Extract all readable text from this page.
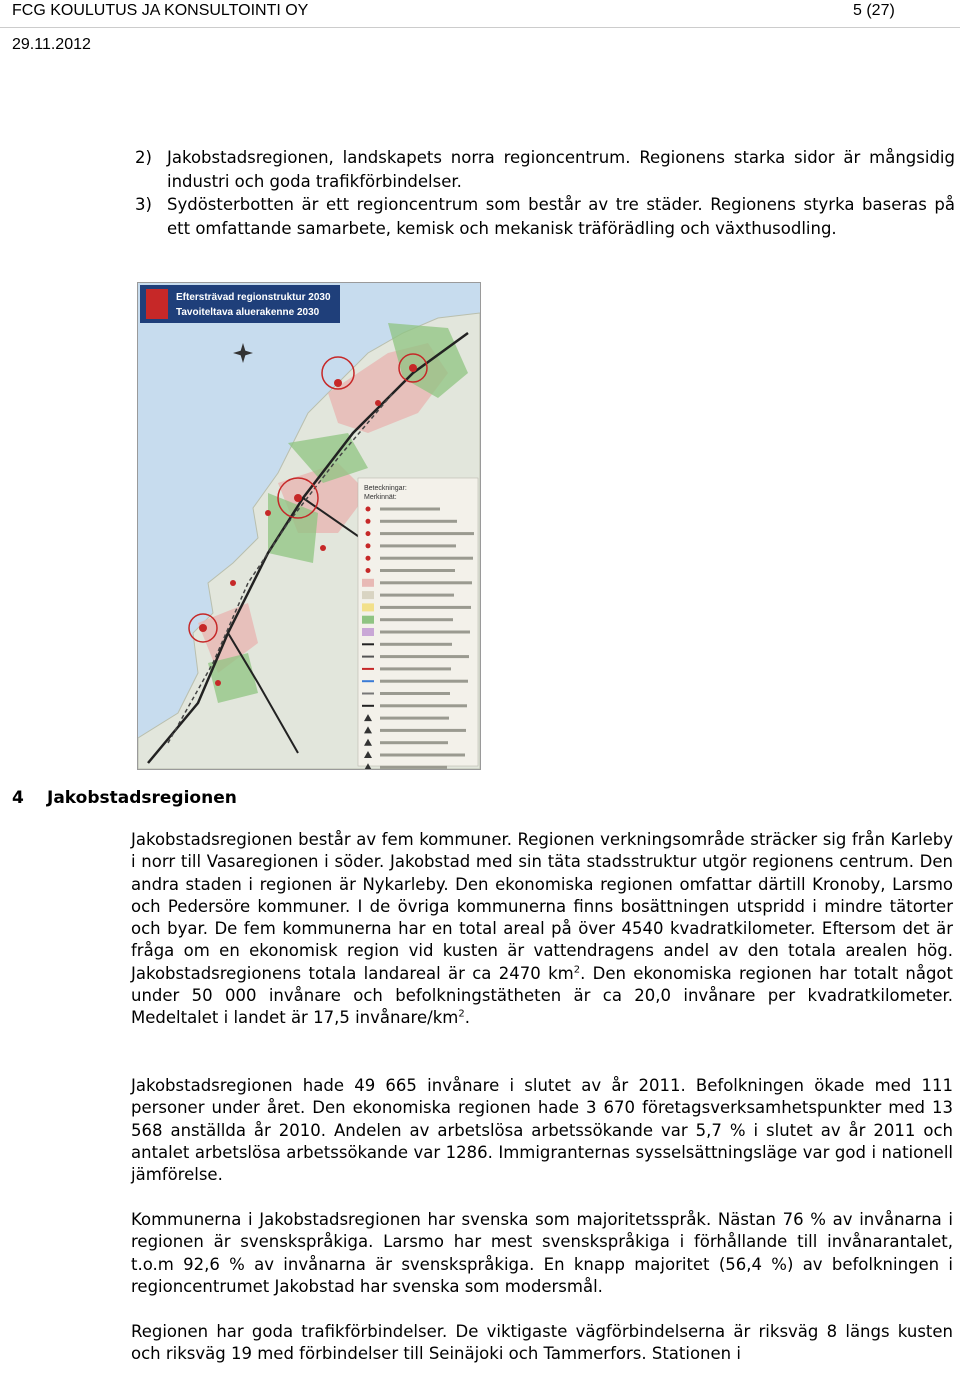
FCG KOULUTUS JA KONSULTOINTI OY	5 (27)
29.11.2012
2) Jakobstadsregionen, landskapets norra regioncentrum. Regionens starka sidor är mångsidig industri och goda trafikförbindelser.
3) Sydösterbotten är ett regioncentrum som består av tre städer. Regionens styrka baseras på ett omfattande samarbete, kemisk och mekanisk träförädling och växthusodling.
Eftersträvad regionstruktur 2030
Tavoiteltava aluerakenne 2030
Beteckningar:
Merkinnät:
4 Jakobstadsregionen
Jakobstadsregionen består av fem kommuner. Regionen verkningsområde sträcker sig från Karleby i norr till Vasaregionen i söder. Jakobstad med sin täta stadsstruktur utgör regionens centrum. Den andra staden i regionen är Nykarleby. Den ekonomiska regionen omfattar därtill Kronoby, Larsmo och Pedersöre kommuner. I de övriga kommunerna finns bosättningen utspridd i mindre tätorter och byar. De fem kommunerna har en total areal på över 4540 kvadratkilometer. Eftersom det är fråga om en ekonomisk region vid kusten är vattendragens andel av den totala arealen hög. Jakobstadsregionens totala landareal är ca 2470 $km^2$. Den ekonomiska regionen har totalt något under 50 000 invånare och befolkningstätheten är ca 20,0 invånare per kvadratkilometer. Medeltalet i landet är 17,5 invånare/$km^2$.
Jakobstadsregionen hade 49 665 invånare i slutet av år 2011. Befolkningen ökade med 111 personer under året. Den ekonomiska regionen hade 3 670 företagsverksamhetspunkter med 13 568 anställda år 2010. Andelen av arbetslösa arbetssökande var 5,7 % i slutet av år 2011 och antalet arbetslösa arbetssökande var 1286. Immigranternas sysselsättningsläge var god i nationell jämförelse.
Kommunerna i Jakobstadsregionen har svenska som majoritetsspråk. Nästan 76 % av invånarna i regionen är svenskspråkiga. Larsmo har mest svenskspråkiga i förhållande till invånarantalet, t.o.m 92,6 % av invånarna är svenskspråkiga. En knapp majoritet (56,4 %) av befolkningen i regioncentrumet Jakobstad har svenska som modersmål.
Regionen har goda trafikförbindelser. De viktigaste vägförbindelserna är riksväg 8 längs kusten och riksväg 19 med förbindelser till Seinäjoki och Tammerfors. Stationen i
